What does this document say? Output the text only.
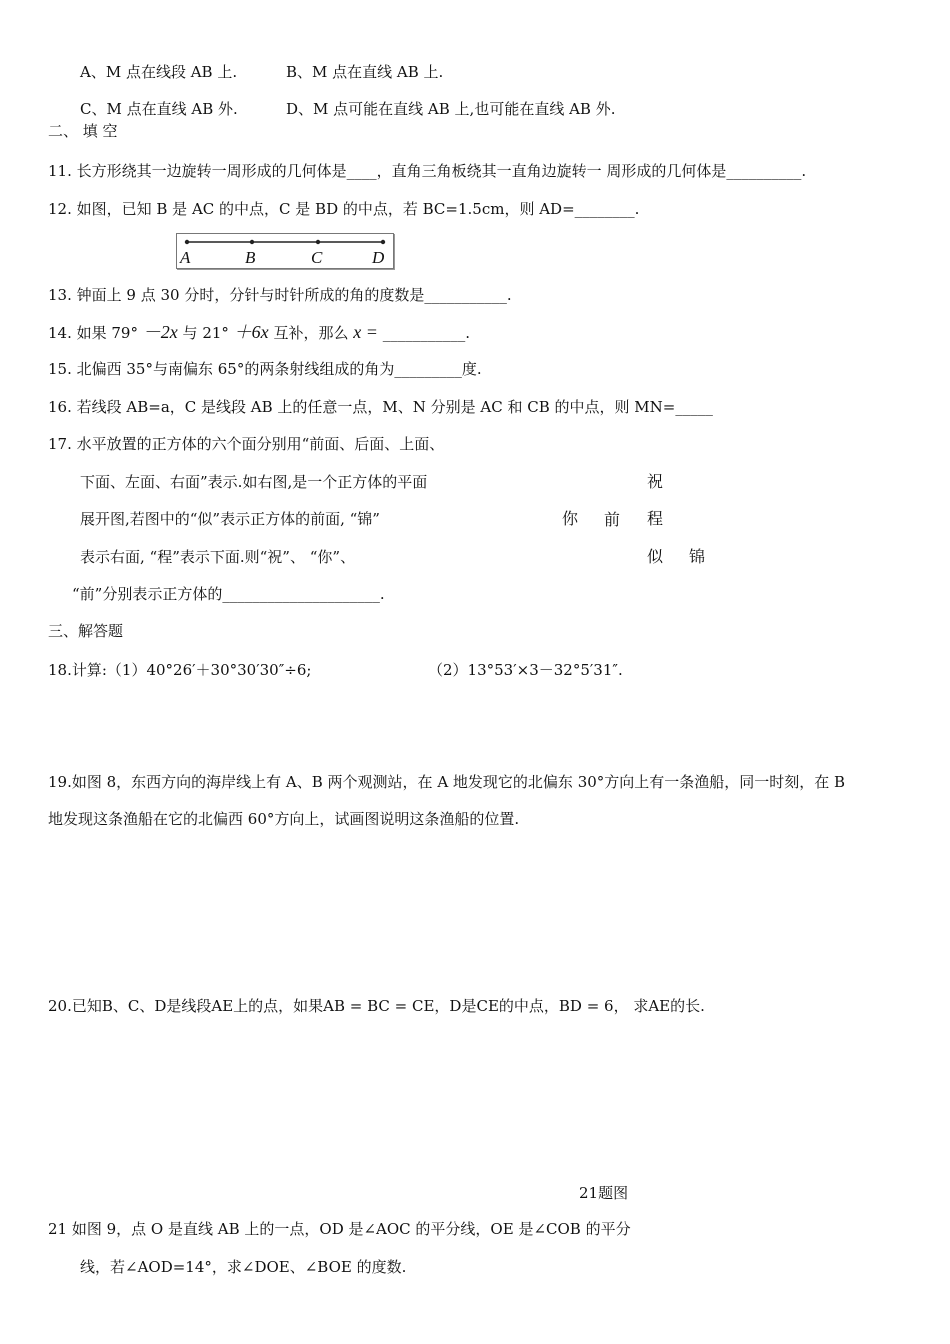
A、M 点在线段 AB 上.	B、M 点在直线 AB 上.
C、M 点在直线 AB 外.	D、M 点可能在直线 AB 上,也可能在直线 AB 外.
二、 填 空
11. 长方形绕其一边旋转一周形成的几何体是____，直角三角板绕其一直角边旋转一 周形成的几何体是__________.
12. 如图，已知 B 是 AC 的中点，C 是 BD 的中点，若 BC=1.5cm，则 AD=________.
A	B	C	D
13. 钟面上 9 点 30 分时，分针与时针所成的角的度数是___________.
14. 如果 79° －2x 与 21° ＋6x 互补，那么 x = ___________.
15. 北偏西 35°与南偏东 65°的两条射线组成的角为_________度.
16. 若线段 AB=a，C 是线段 AB 上的任意一点，M、N 分别是 AC 和 CB 的中点，则 MN=_____
17. 水平放置的正方体的六个面分别用“前面、后面、上面、
下面、左面、右面”表示.如右图,是一个正方体的平面
展开图,若图中的“似”表示正方体的前面, “锦”
表示右面, “程”表示下面.则“祝”、 “你”、
“前”分别表示正方体的_____________________.
祝
你 前 程
似 锦
三、解答题
18.计算:（1）40°26′＋30°30′30″÷6;	（2）13°53′×3－32°5′31″.
19.如图 8，东西方向的海岸线上有 A、B 两个观测站，在 A 地发现它的北偏东 30°方向上有一条渔船，同一时刻，在 B
地发现这条渔船在它的北偏西 60°方向上，试画图说明这条渔船的位置.
20.已知B、C、D是线段AE上的点，如果AB = BC = CE，D是CE的中点，BD = 6， 求AE的长.
21题图
21 如图 9，点 O 是直线 AB 上的一点，OD 是∠AOC 的平分线，OE 是∠COB 的平分
线，若∠AOD=14°，求∠DOE、∠BOE 的度数.
